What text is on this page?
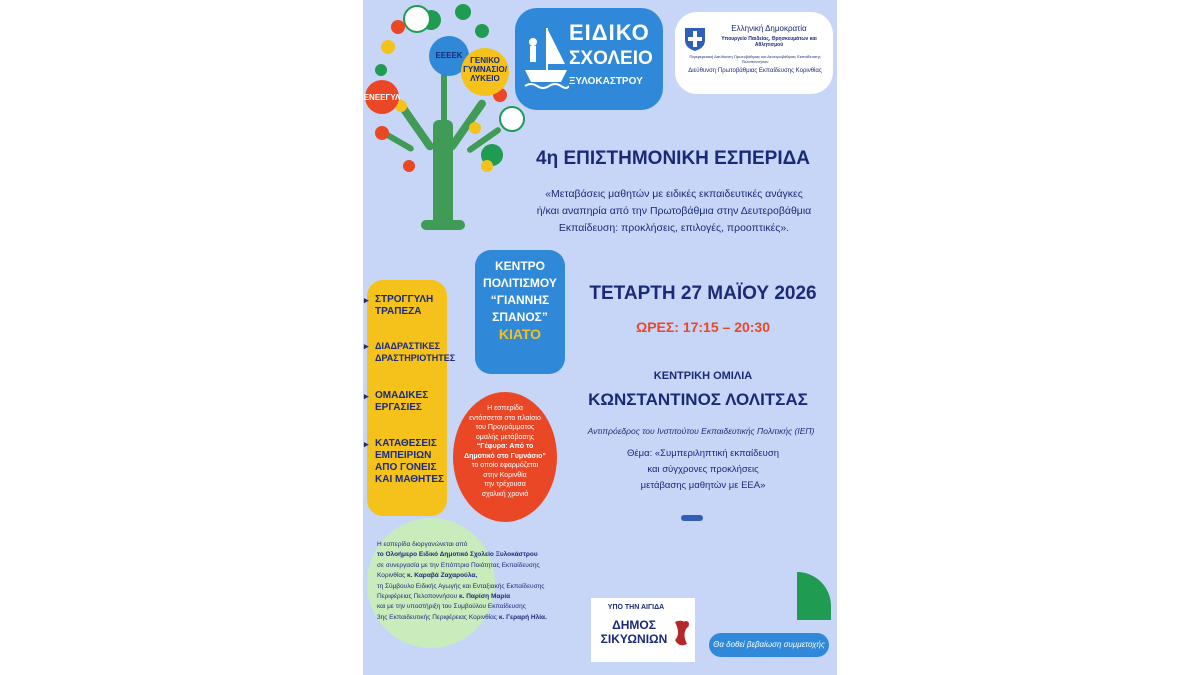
ΕΕΕΕΚ
ΓΕΝΙΚΟ ΓΥΜΝΑΣΙΟ/ ΛΥΚΕΙΟ
ΕΝΕΕΓΥΛ
ΕΙΔΙΚΟ
ΣΧΟΛΕΙΟ
ΞΥΛΟΚΑΣΤΡΟΥ
Ελληνική Δημοκρατία
Υπουργείο Παιδείας, Θρησκευμάτων και Αθλητισμού
Περιφερειακή Διεύθυνση Πρωτοβάθμιας και Δευτεροβάθμιας Εκπαίδευσης Πελοποννήσου
Διεύθυνση Πρωτοβάθμιας Εκπαίδευσης Κορινθίας
4η ΕΠΙΣΤΗΜΟΝΙΚΗ ΕΣΠΕΡΙΔΑ
«Μεταβάσεις μαθητών με ειδικές εκπαιδευτικές ανάγκες
ή/και αναπηρία από την Πρωτοβάθμια στην Δευτεροβάθμια
Εκπαίδευση: προκλήσεις, επιλογές, προοπτικές».
ΚΕΝΤΡΟ
ΠΟΛΙΤΙΣΜΟΥ
“ΓΙΑΝΝΗΣ
ΣΠΑΝΟΣ”
ΚΙΑΤΟ
ΤΕΤΑΡΤΗ 27 ΜΑΪΟΥ 2026
ΩΡΕΣ: 17:15 – 20:30
▸ ΣΤΡΟΓΓΥΛΗ
ΤΡΑΠΕΖΑ
▸ ΔΙΑΔΡΑΣΤΙΚΕΣ
ΔΡΑΣΤΗΡΙΟΤΗΤΕΣ
▸ ΟΜΑΔΙΚΕΣ
ΕΡΓΑΣΙΕΣ
▸ ΚΑΤΑΘΕΣΕΙΣ
ΕΜΠΕΙΡΙΩΝ
ΑΠΟ ΓΟΝΕΙΣ
ΚΑΙ ΜΑΘΗΤΕΣ
Η εσπερίδα
εντάσσεται στο πλαίσιο
του Προγράμματος
ομαλής μετάβασης
“Γέφυρα: Από το
Δημοτικό στο Γυμνάσιο”
το οποίο εφαρμόζεται
στην Κορινθία
την τρέχουσα
σχολική χρονιά
ΚΕΝΤΡΙΚΗ ΟΜΙΛΙΑ
ΚΩΝΣΤΑΝΤΙΝΟΣ ΛΟΛΙΤΣΑΣ
Αντιπρόεδρος του Ινστιτούτου Εκπαιδευτικής Πολιτικής (ΙΕΠ)
Θέμα: «Συμπεριληπτική εκπαίδευση
και σύγχρονες προκλήσεις
μετάβασης μαθητών με ΕΕΑ»
Η εσπερίδα διοργανώνεται από
το Ολοήμερο Ειδικό Δημοτικό Σχολείο Ξυλοκάστρου
σε συνεργασία με την Επόπτρια Ποιότητας Εκπαίδευσης
Κορινθίας κ. Καραβά Ζαχαρούλα,
τη Σύμβουλο Ειδικής Αγωγής και Ενταξιακής Εκπαίδευσης
Περιφέρειας Πελοποννήσου κ. Παρίση Μαρία
και με την υποστήριξη του Συμβούλου Εκπαίδευσης
3ης Εκπαιδευτικής Περιφέρειας Κορινθίας κ. Γεραρή Ηλία.
ΥΠΟ ΤΗΝ ΑΙΓΙΔΑ
ΔΗΜΟΣ
ΣΙΚΥΩΝΙΩΝ	Θα δοθεί βεβαίωση συμμετοχής
